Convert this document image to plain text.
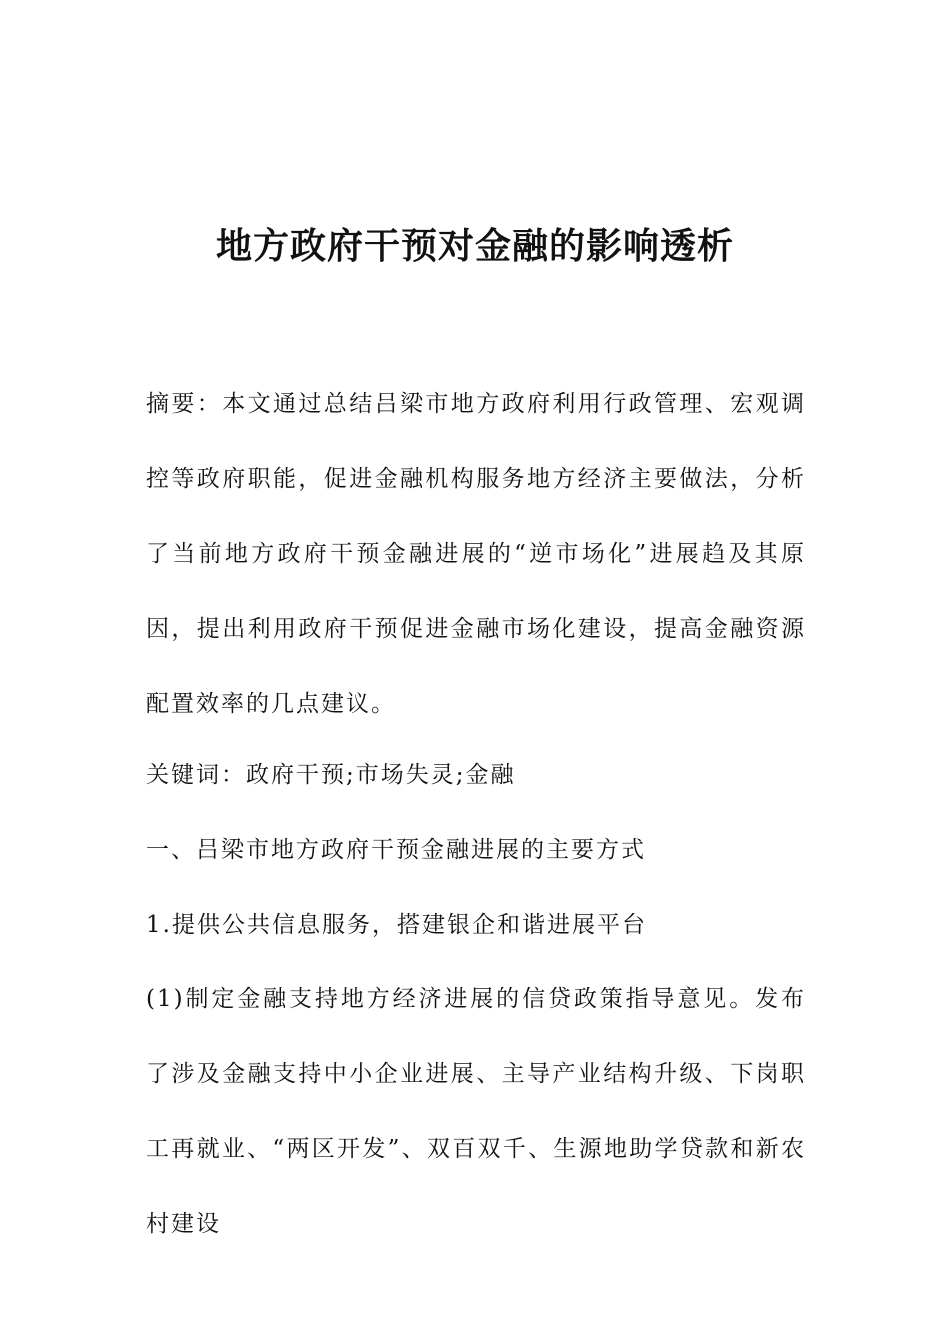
地方政府干预对金融的影响透析

摘要：本文通过总结吕梁市地方政府利用行政管理、宏观调控等政府职能，促进金融机构服务地方经济主要做法，分析了当前地方政府干预金融进展的“逆市场化”进展趋及其原因，提出利用政府干预促进金融市场化建设，提高金融资源配置效率的几点建议。

关键词：政府干预;市场失灵;金融

一、吕梁市地方政府干预金融进展的主要方式

1.提供公共信息服务，搭建银企和谐进展平台

(1)制定金融支持地方经济进展的信贷政策指导意见。发布了涉及金融支持中小企业进展、主导产业结构升级、下岗职工再就业、“两区开发”、双百双千、生源地助学贷款和新农村建设
